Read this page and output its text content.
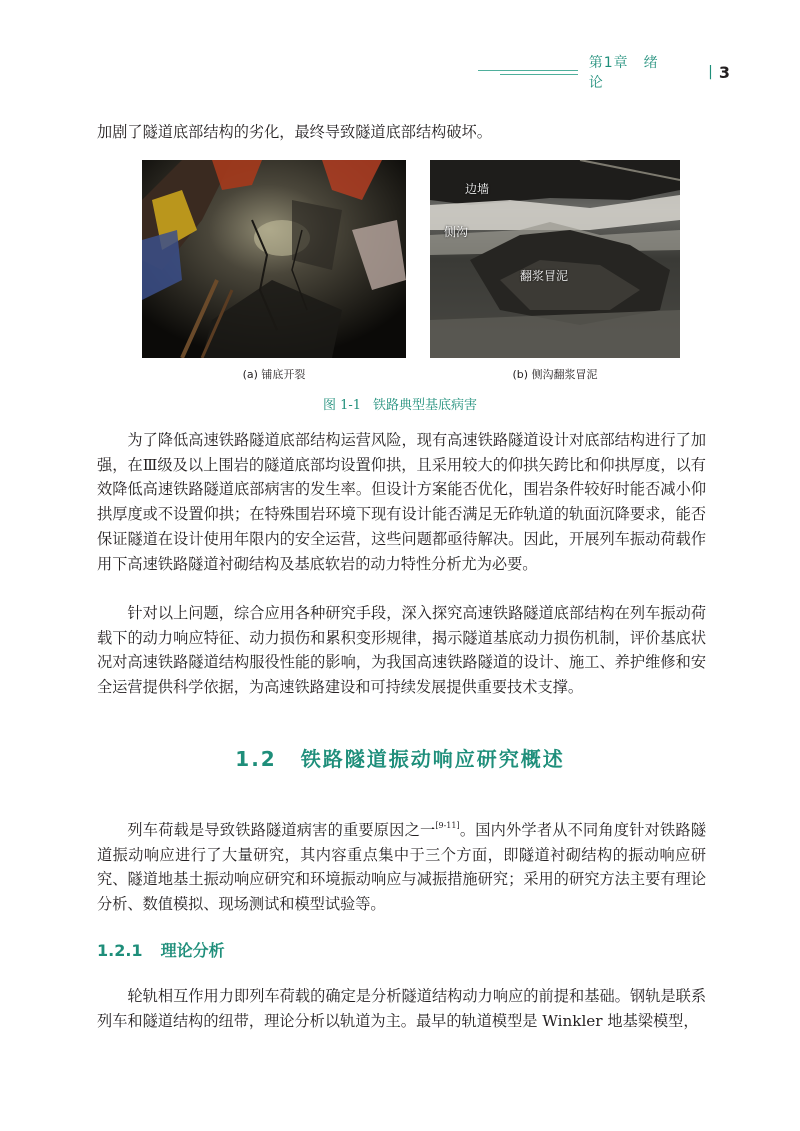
第1章　绪　　论
| 3

加剧了隧道底部结构的劣化，最终导致隧道底部结构破坏。

边墙
侧沟
翻浆冒泥
(a) 铺底开裂	(b) 侧沟翻浆冒泥
图 1-1 铁路典型基底病害

为了降低高速铁路隧道底部结构运营风险，现有高速铁路隧道设计对底部结构进行了加强，在Ⅲ级及以上围岩的隧道底部均设置仰拱，且采用较大的仰拱矢跨比和仰拱厚度，以有效降低高速铁路隧道底部病害的发生率。但设计方案能否优化，围岩条件较好时能否减小仰拱厚度或不设置仰拱；在特殊围岩环境下现有设计能否满足无砟轨道的轨面沉降要求，能否保证隧道在设计使用年限内的安全运营，这些问题都亟待解决。因此，开展列车振动荷载作用下高速铁路隧道衬砌结构及基底软岩的动力特性分析尤为必要。

针对以上问题，综合应用各种研究手段，深入探究高速铁路隧道底部结构在列车振动荷载下的动力响应特征、动力损伤和累积变形规律，揭示隧道基底动力损伤机制，评价基底状况对高速铁路隧道结构服役性能的影响，为我国高速铁路隧道的设计、施工、养护维修和安全运营提供科学依据，为高速铁路建设和可持续发展提供重要技术支撑。

1.2 铁路隧道振动响应研究概述

列车荷载是导致铁路隧道病害的重要原因之一[9-11]。国内外学者从不同角度针对铁路隧道振动响应进行了大量研究，其内容重点集中于三个方面，即隧道衬砌结构的振动响应研究、隧道地基土振动响应研究和环境振动响应与减振措施研究；采用的研究方法主要有理论分析、数值模拟、现场测试和模型试验等。

1.2.1 理论分析

轮轨相互作用力即列车荷载的确定是分析隧道结构动力响应的前提和基础。钢轨是联系列车和隧道结构的纽带，理论分析以轨道为主。最早的轨道模型是 Winkler 地基梁模型，
